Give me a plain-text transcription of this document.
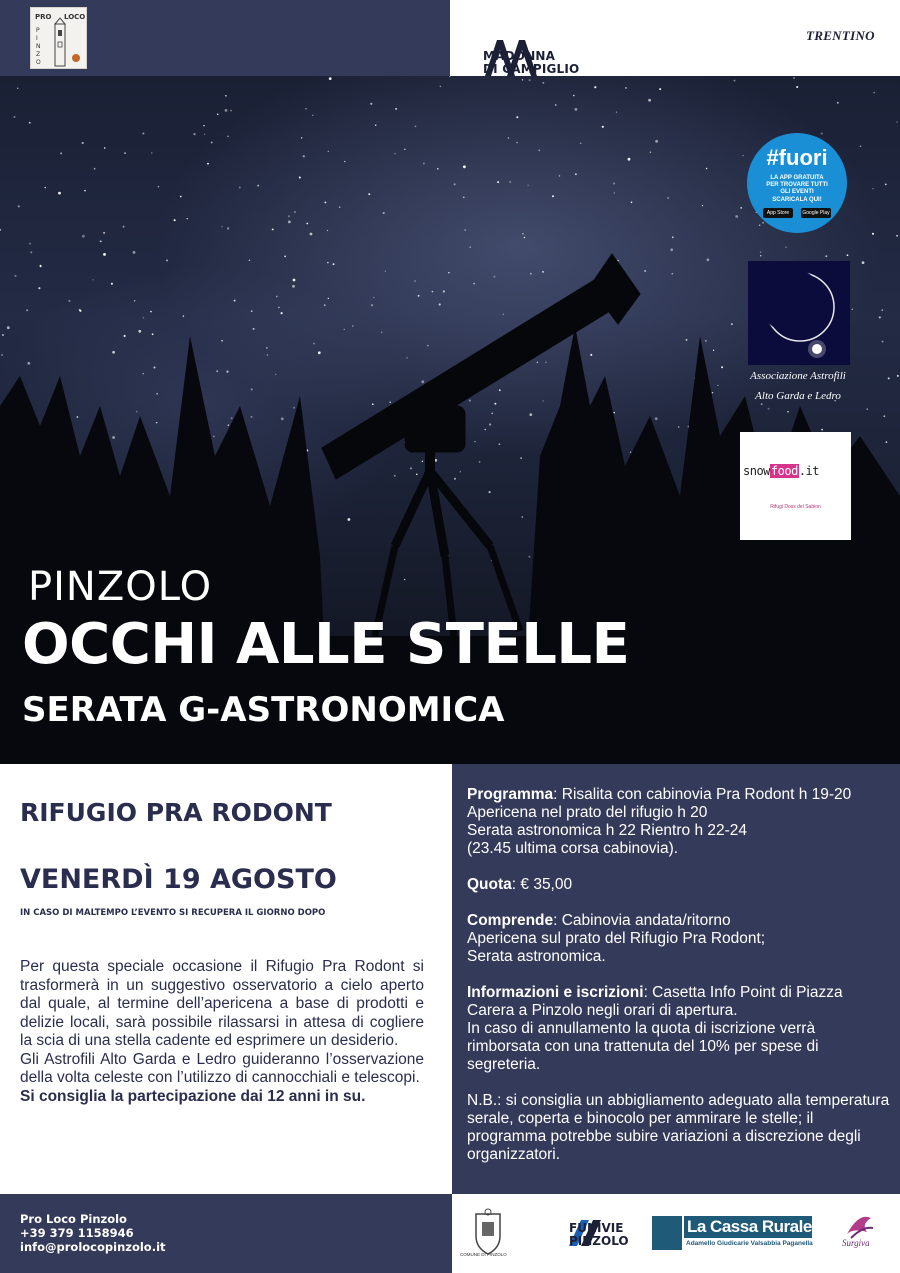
PRO LOCO
P
I
N
Z
O	MADONNA
DI CAMPIGLIO
TRENTINO
#fuori
LA APP GRATUITA PER TROVARE TUTTI GLI EVENTI
SCARICALA QUI!
App Store	Google Play
Associazione Astrofili
Alto Garda e Ledro
snowfood.it
Rifugi Doss del Sabion
PINZOLO
OCCHI ALLE STELLE
SERATA G-ASTRONOMICA
RIFUGIO PRA RODONT
VENERDÌ 19 AGOSTO
IN CASO DI MALTEMPO L’EVENTO SI RECUPERA IL GIORNO DOPO

Per questa speciale occasione il Rifugio Pra Rodont si trasformerà in un suggestivo osservatorio a cielo aperto dal quale, al termine dell’apericena a base di prodotti e delizie locali, sarà possibile rilassarsi in attesa di cogliere la scia di una stella cadente ed esprimere un desiderio.

Gli Astrofili Alto Garda e Ledro guideranno l’osservazione della volta celeste con l’utilizzo di cannocchiali e telescopi.

Si consiglia la partecipazione dai 12 anni in su.

Programma: Risalita con cabinovia Pra Rodont h 19-20
Apericena nel prato del rifugio h 20
Serata astronomica h 22 Rientro h 22-24
(23.45 ultima corsa cabinovia).
Quota: € 35,00
Comprende: Cabinovia andata/ritorno
Apericena sul prato del Rifugio Pra Rodont;
Serata astronomica.
Informazioni e iscrizioni: Casetta Info Point di Piazza Carera a Pinzolo negli orari di apertura.
In caso di annullamento la quota di iscrizione verrà rimborsata con una trattenuta del 10% per spese di segreteria.
N.B.: si consiglia un abbigliamento adeguato alla temperatura serale, coperta e binocolo per ammirare le stelle; il programma potrebbe subire variazioni a discrezione degli organizzatori.
Pro Loco Pinzolo
+39 379 1158946
info@prolocopinzolo.it
COMUNE DI PINZOLO
FUNIVIE
PINZOLO
La Cassa Rurale
Adamello Giudicarie Valsabbia Paganella	Surgiva
